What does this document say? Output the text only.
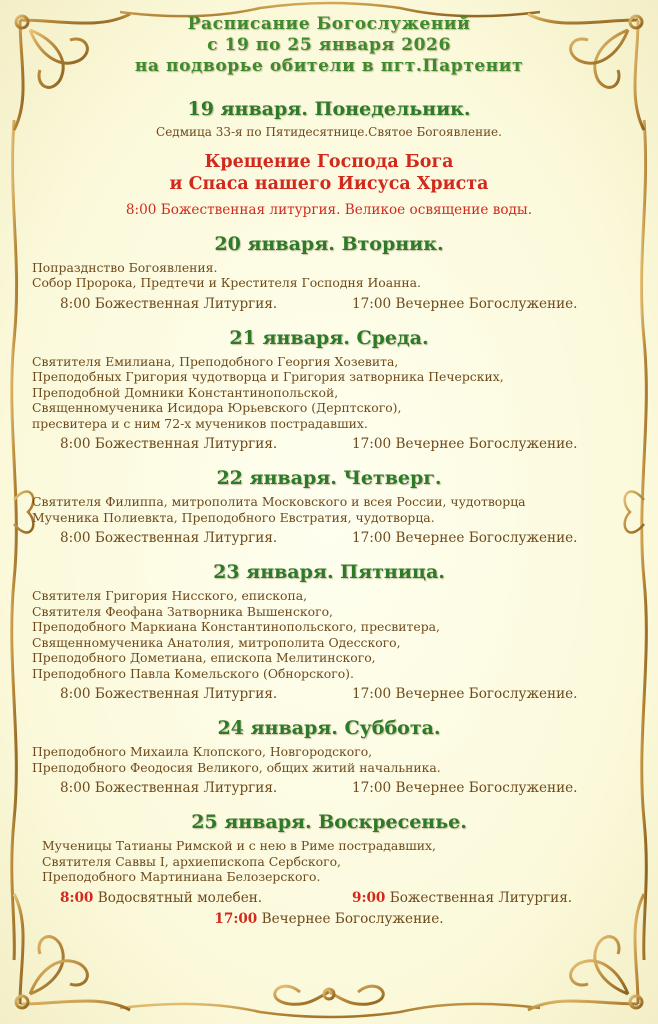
Расписание Богослужений
с 19 по 25 января 2026
на подворье обители в пгт.Партенит
19 января. Понедельник.
Седмица 33-я по Пятидесятнице.Святое Богоявление.
Крещение Господа Бога
и Спаса нашего Иисуса Христа
8:00 Божественная литургия. Великое освящение воды.
20 января. Вторник.
Попразднство Богоявления.
Собор Пророка, Предтечи и Крестителя Господня Иоанна.
8:00 Божественная Литургия.	17:00 Вечернее Богослужение.
21 января. Среда.
Святителя Емилиана, Преподобного Георгия Хозевита,
Преподобных Григория чудотворца и Григория затворника Печерских,
Преподобной Домники Константинопольской,
Священномученика Исидора Юрьевского (Дерптского),
пресвитера и с ним 72-х мучеников пострадавших.
8:00 Божественная Литургия.	17:00 Вечернее Богослужение.
22 января. Четверг.
Святителя Филиппа, митрополита Московского и всея России, чудотворца
Мученика Полиевкта, Преподобного Евстратия, чудотворца.
8:00 Божественная Литургия.	17:00 Вечернее Богослужение.
23 января. Пятница.
Святителя Григория Нисского, епископа,
Святителя Феофана Затворника Вышенского,
Преподобного Маркиана Константинопольского, пресвитера,
Священномученика Анатолия, митрополита Одесского,
Преподобного Дометиана, епископа Мелитинского,
Преподобного Павла Комельского (Обнорского).
8:00 Божественная Литургия.	17:00 Вечернее Богослужение.
24 января. Суббота.
Преподобного Михаила Клопского, Новгородского,
Преподобного Феодосия Великого, общих житий начальника.
8:00 Божественная Литургия.	17:00 Вечернее Богослужение.
25 января. Воскресенье.
Мученицы Татианы Римской и с нею в Риме пострадавших,
Святителя Саввы I, архиепископа Сербского,
Преподобного Мартиниана Белозерского.
8:00 Водосвятный молебен.	9:00 Божественная Литургия.
17:00 Вечернее Богослужение.
